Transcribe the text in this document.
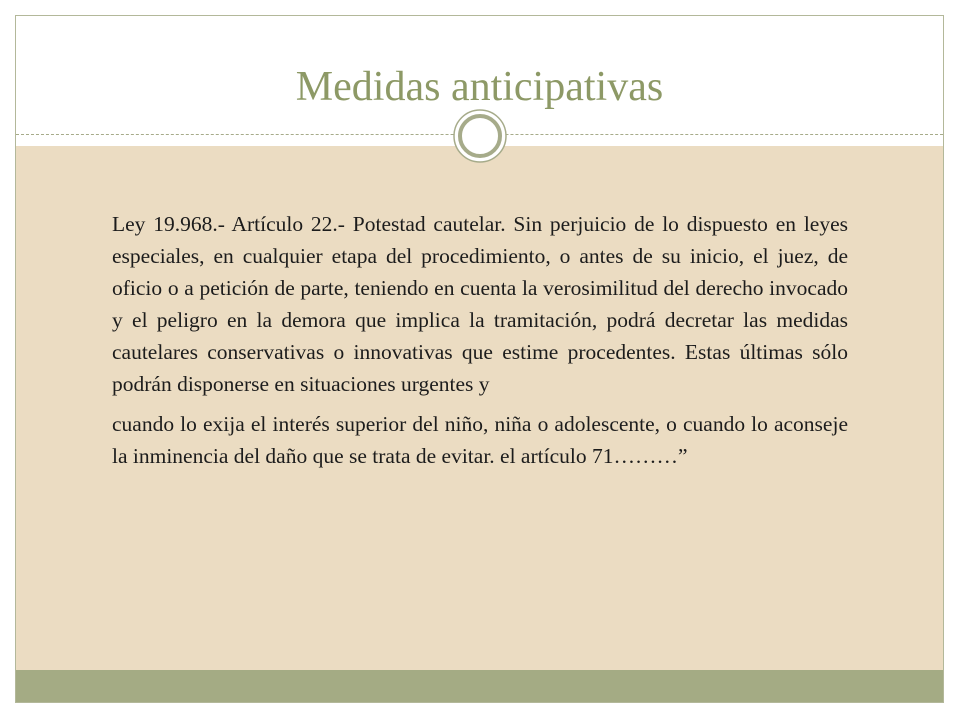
Medidas anticipativas

Ley 19.968.- Artículo 22.- Potestad cautelar. Sin perjuicio de lo dispuesto en leyes especiales, en cualquier etapa del procedimiento, o antes de su inicio, el juez, de oficio o a petición de parte, teniendo en cuenta la verosimilitud del derecho invocado y el peligro en la demora que implica la tramitación, podrá decretar las medidas cautelares conservativas o innovativas que estime procedentes. Estas últimas sólo podrán disponerse en situaciones urgentes y

cuando lo exija el interés superior del niño, niña o adolescente, o cuando lo aconseje la inminencia del daño que se trata de evitar. el artículo 71………”
